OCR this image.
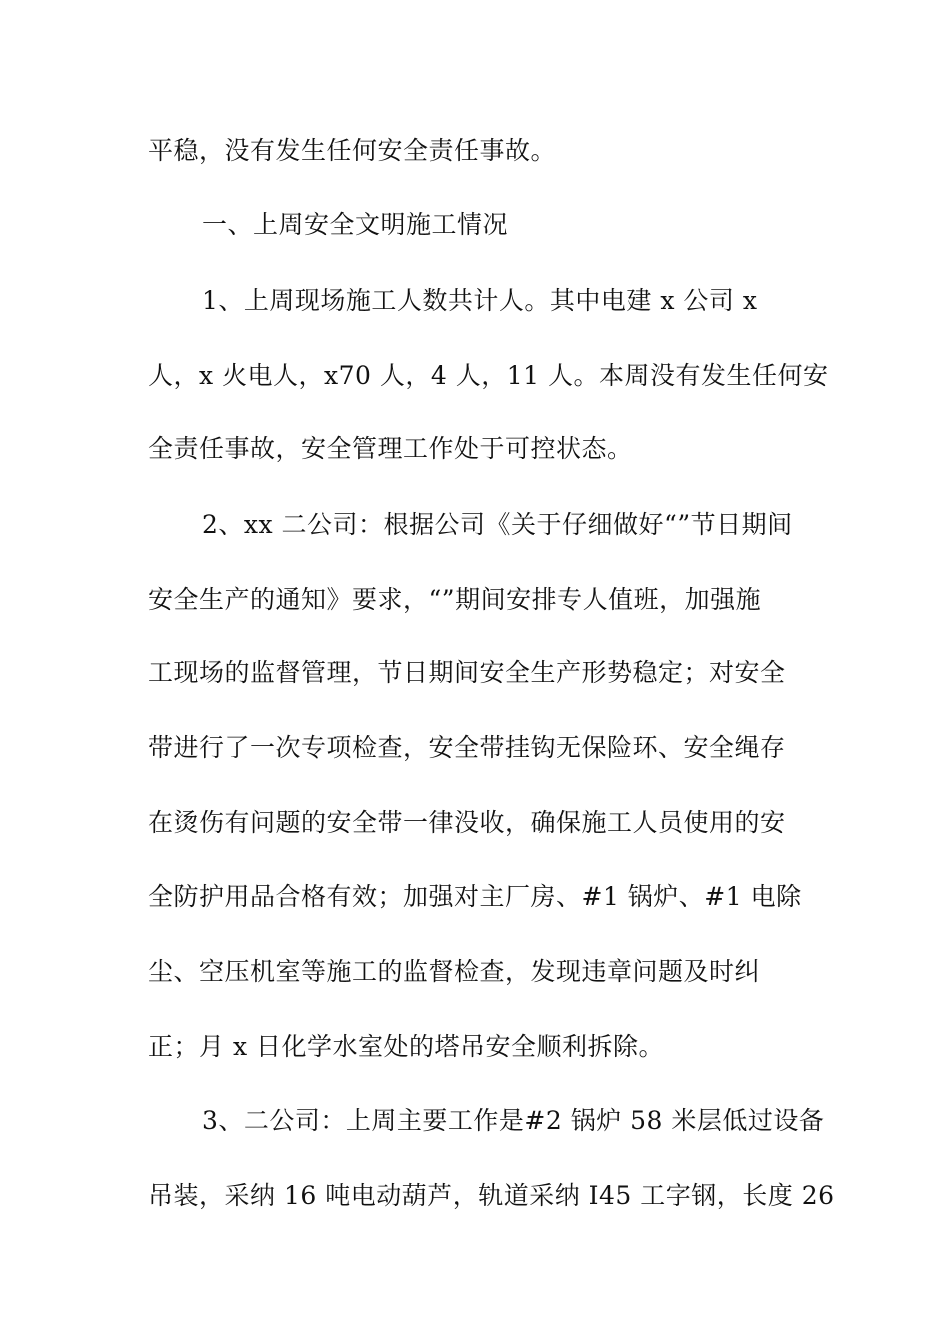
平稳，没有发生任何安全责任事故。
一、上周安全文明施工情况
1、上周现场施工人数共计人。其中电建 x 公司 x
人，x 火电人，x70 人，4 人，11 人。本周没有发生任何安
全责任事故，安全管理工作处于可控状态。
2、xx 二公司：根据公司《关于仔细做好“”节日期间
安全生产的通知》要求，“”期间安排专人值班，加强施
工现场的监督管理，节日期间安全生产形势稳定；对安全
带进行了一次专项检查，安全带挂钩无保险环、安全绳存
在烫伤有问题的安全带一律没收，确保施工人员使用的安
全防护用品合格有效；加强对主厂房、#1 锅炉、#1 电除
尘、空压机室等施工的监督检查，发现违章问题及时纠
正；月 x 日化学水室处的塔吊安全顺利拆除。
3、二公司：上周主要工作是#2 锅炉 58 米层低过设备
吊装，采纳 16 吨电动葫芦，轨道采纳 I45 工字钢，长度 26
